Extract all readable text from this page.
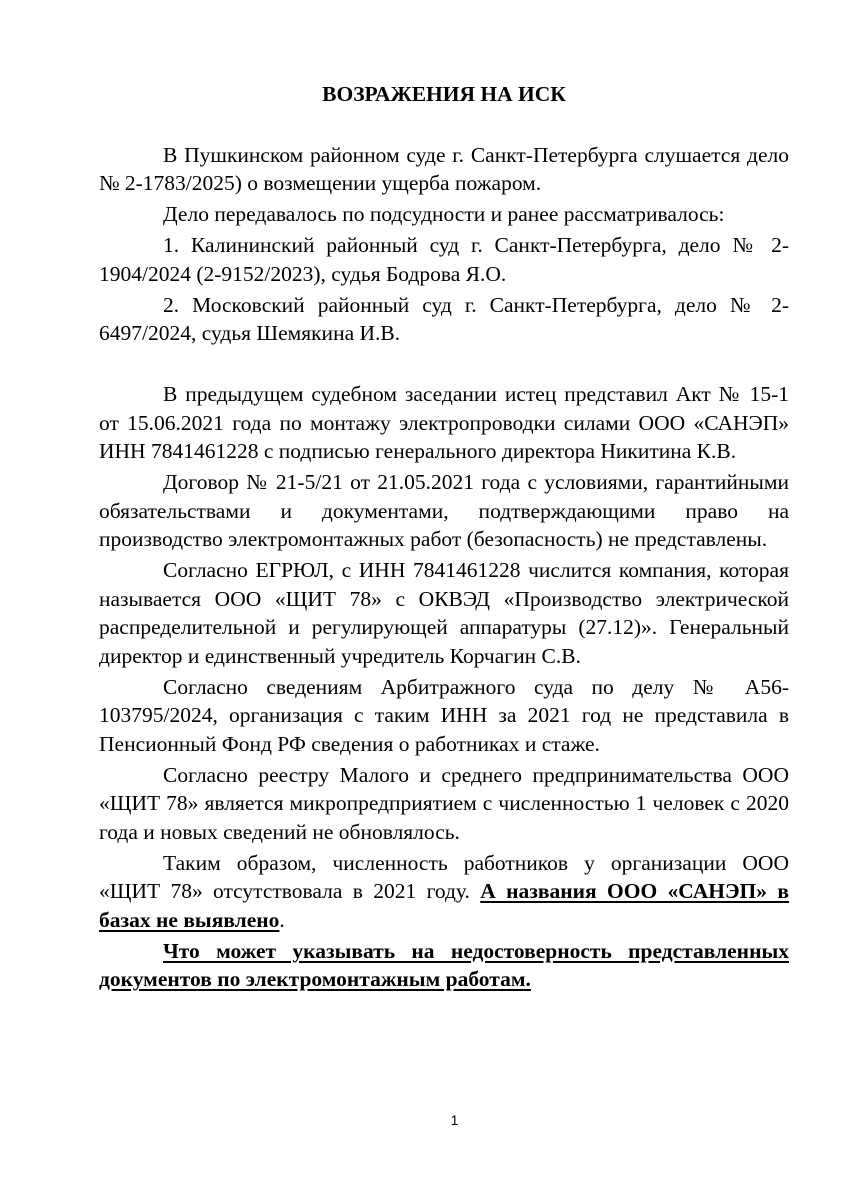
ВОЗРАЖЕНИЯ НА ИСК

В Пушкинском районном суде г. Санкт-Петербурга слушается дело № 2-1783/2025) о возмещении ущерба пожаром.

Дело передавалось по подсудности и ранее рассматривалось:

1. Калининский районный суд г. Санкт-Петербурга, дело № 2-1904/2024 (2-9152/2023), судья Бодрова Я.О.

2. Московский районный суд г. Санкт-Петербурга, дело № 2-6497/2024, судья Шемякина И.В.

В предыдущем судебном заседании истец представил Акт № 15-1 от 15.06.2021 года по монтажу электропроводки силами ООО «САНЭП» ИНН 7841461228 с подписью генерального директора Никитина К.В.

Договор № 21-5/21 от 21.05.2021 года с условиями, гарантийными обязательствами и документами, подтверждающими право на производство электромонтажных работ (безопасность) не представлены.

Согласно ЕГРЮЛ, с ИНН 7841461228 числится компания, которая называется ООО «ЩИТ 78» с ОКВЭД «Производство электрической распределительной и регулирующей аппаратуры (27.12)». Генеральный директор и единственный учредитель Корчагин С.В.

Согласно сведениям Арбитражного суда по делу № А56-103795/2024, организация с таким ИНН за 2021 год не представила в Пенсионный Фонд РФ сведения о работниках и стаже.

Согласно реестру Малого и среднего предпринимательства ООО «ЩИТ 78» является микропредприятием с численностью 1 человек с 2020 года и новых сведений не обновлялось.

Таким образом, численность работников у организации ООО «ЩИТ 78» отсутствовала в 2021 году. А названия ООО «САНЭП» в базах не выявлено.

Что может указывать на недостоверность представленных документов по электромонтажным работам.

1
